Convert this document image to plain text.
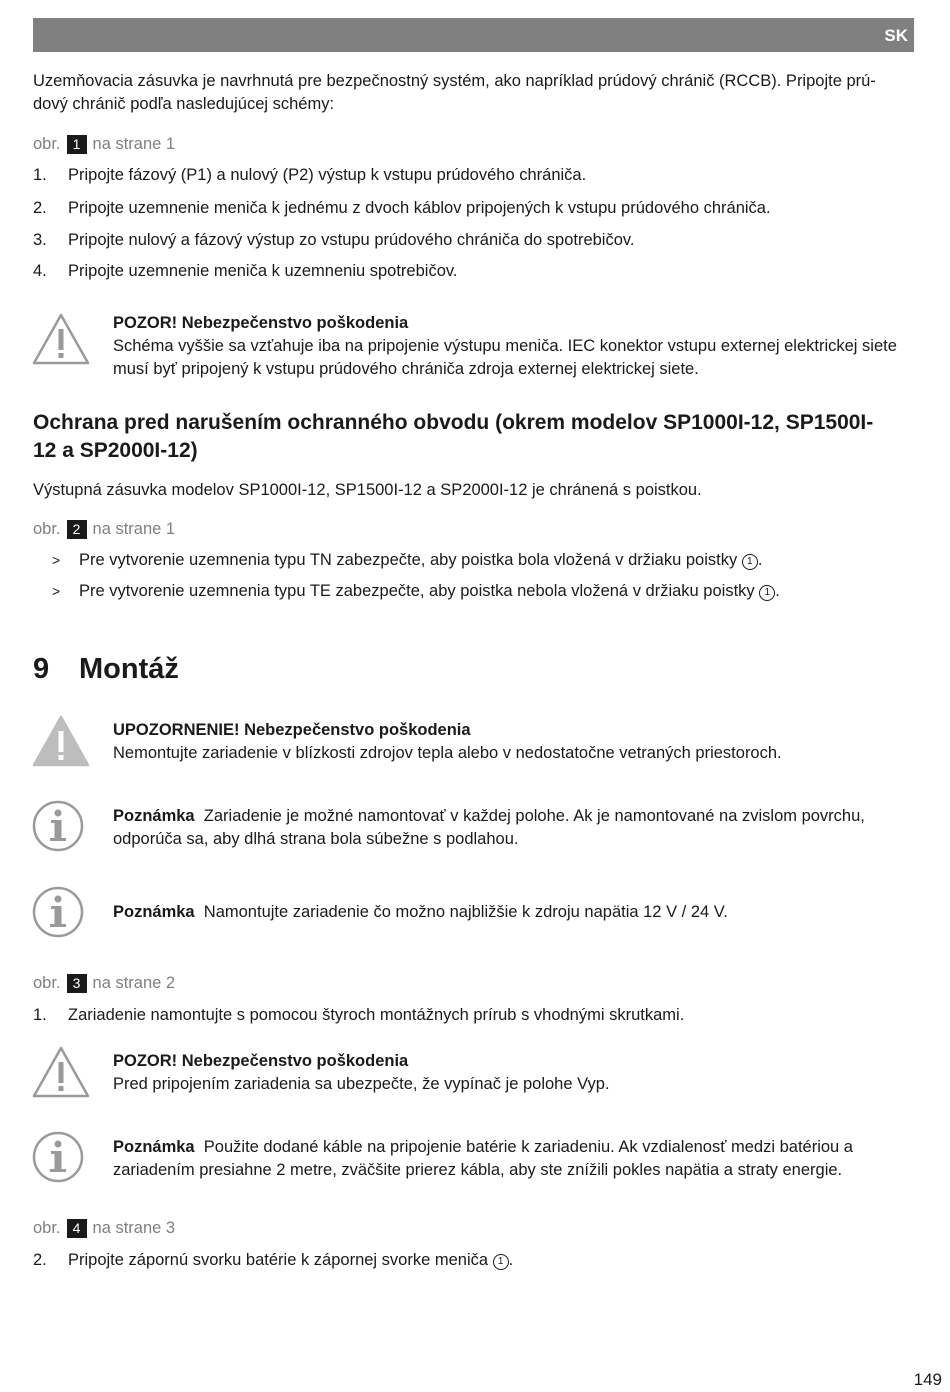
SK
Uzemňovacia zásuvka je navrhnutá pre bezpečnostný systém, ako napríklad prúdový chránič (RCCB). Pripojte prú-dový chránič podľa nasledujúcej schémy:
obr. 1 na strane 1
1.	Pripojte fázový (P1) a nulový (P2) výstup k vstupu prúdového chrániča.
2.	Pripojte uzemnenie meniča k jednému z dvoch káblov pripojených k vstupu prúdového chrániča.
3.	Pripojte nulový a fázový výstup zo vstupu prúdového chrániča do spotrebičov.
4.	Pripojte uzemnenie meniča k uzemneniu spotrebičov.
POZOR! Nebezpečenstvo poškodenia
Schéma vyššie sa vzťahuje iba na pripojenie výstupu meniča. IEC konektor vstupu externej elektrickej siete musí byť pripojený k vstupu prúdového chrániča zdroja externej elektrickej siete.
Ochrana pred narušením ochranného obvodu (okrem modelov SP1000I-12, SP1500I-12 a SP2000I-12)
Výstupná zásuvka modelov SP1000I-12, SP1500I-12 a SP2000I-12 je chránená s poistkou.
obr. 2 na strane 1
>	Pre vytvorenie uzemnenia typu TN zabezpečte, aby poistka bola vložená v držiaku poistky 1 .
>	Pre vytvorenie uzemnenia typu TE zabezpečte, aby poistka nebola vložená v držiaku poistky 1 .
9	Montáž
UPOZORNENIE! Nebezpečenstvo poškodenia
Nemontujte zariadenie v blízkosti zdrojov tepla alebo v nedostatočne vetraných priestoroch.
Poznámka Zariadenie je možné namontovať v každej polohe. Ak je namontované na zvislom povrchu, odporúča sa, aby dlhá strana bola súbežne s podlahou.
Poznámka Namontujte zariadenie čo možno najbližšie k zdroju napätia 12 V / 24 V.
obr. 3 na strane 2
1.	Zariadenie namontujte s pomocou štyroch montážnych prírub s vhodnými skrutkami.
POZOR! Nebezpečenstvo poškodenia
Pred pripojením zariadenia sa ubezpečte, že vypínač je polohe Vyp.
Poznámka Použite dodané káble na pripojenie batérie k zariadeniu. Ak vzdialenosť medzi batériou a zariadením presiahne 2 metre, zväčšite prierez kábla, aby ste znížili pokles napätia a straty energie.
obr. 4 na strane 3
2.	Pripojte zápornú svorku batérie k zápornej svorke meniča 1 .
149
